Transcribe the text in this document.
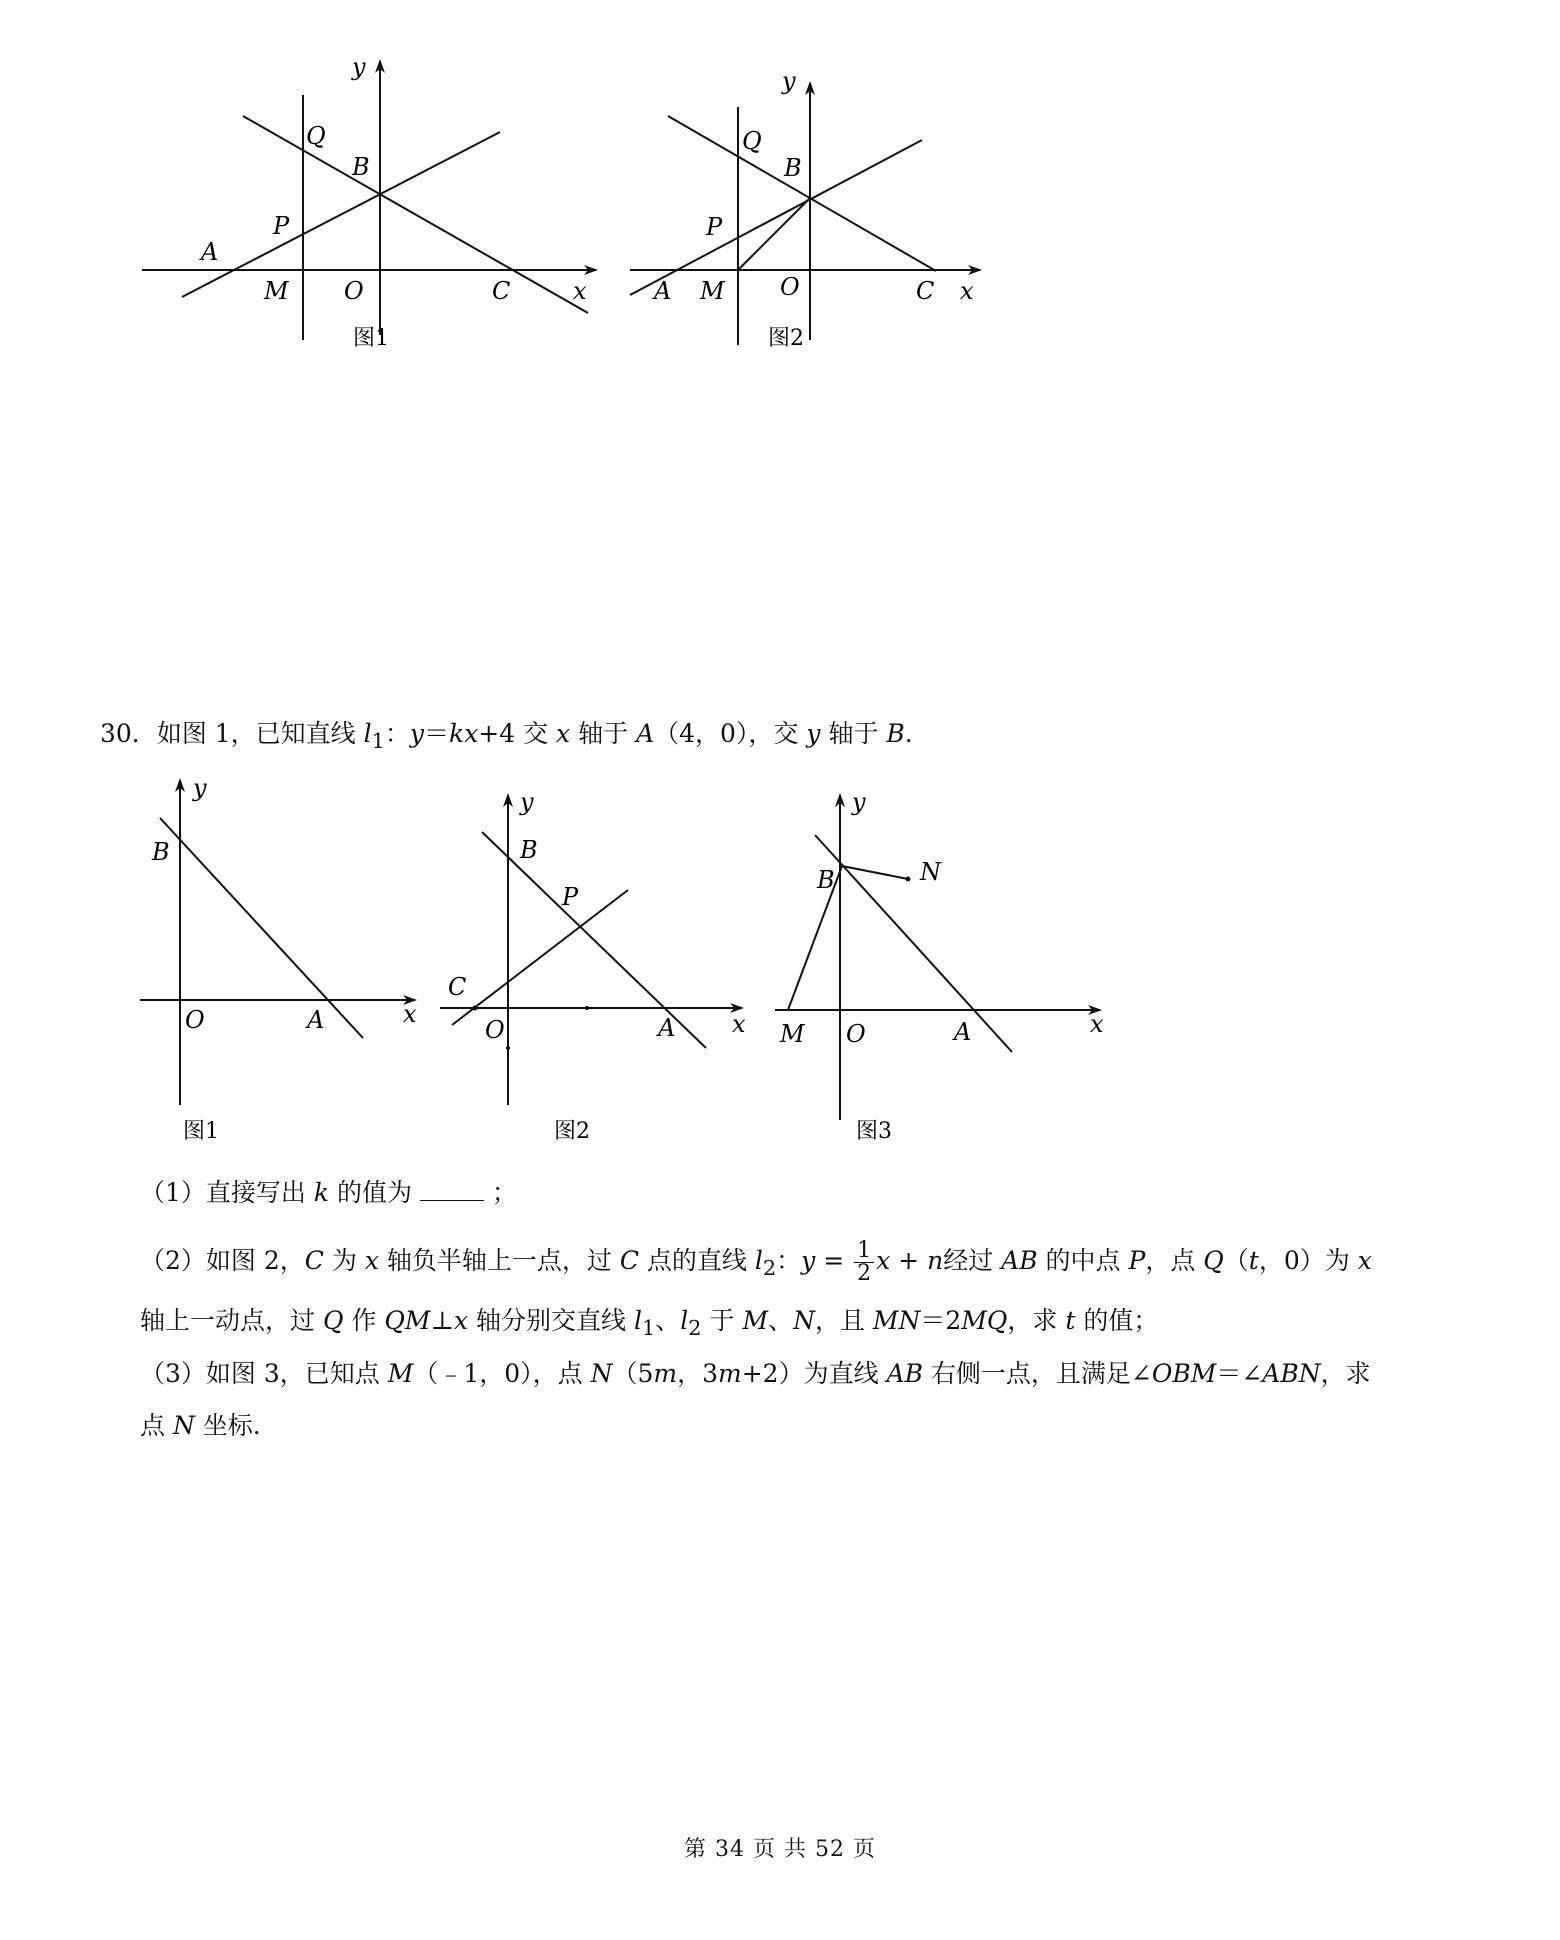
y
Q
B
P
A
M O	C	x
图1
y
Q
B
P
A M O	C x
图2
30．如图 1，已知直线 $l_1$：y＝kx+4 交 x 轴于 A（4，0），交 y 轴于 B.
y
B
O	A	x
图1
y
B
P
C
O	A x
图2
y
B	N
M O	A	x
图3
（1）直接写出 k 的值为	；
（2）如图 2，C 为 x 轴负半轴上一点，过 C 点的直线 $l_2$：$y = \frac{1}{2}$ x + n经过 AB 的中点 P，点 Q（t，0）为 x
轴上一动点，过 Q 作 QM⊥x 轴分别交直线 $l_1$、$l_2$ 于 M、N，且 MN＝2MQ，求 t 的值；
（3）如图 3，已知点 M（﹣1，0），点 N（5m，3m+2）为直线 AB 右侧一点，且满足∠OBM＝∠ABN，求
点 N 坐标.
第 34 页 共 52 页
